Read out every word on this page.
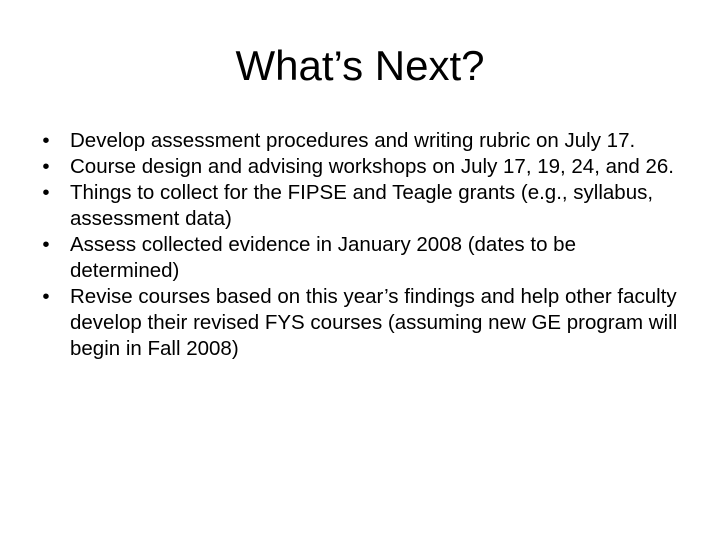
What’s Next?
• Develop assessment procedures and writing rubric on July 17.
• Course design and advising workshops on July 17, 19, 24, and 26.
• Things to collect for the FIPSE and Teagle grants (e.g., syllabus, assessment data)
• Assess collected evidence in January 2008 (dates to be determined)
• Revise courses based on this year’s findings and help other faculty develop their revised FYS courses (assuming new GE program will begin in Fall 2008)
